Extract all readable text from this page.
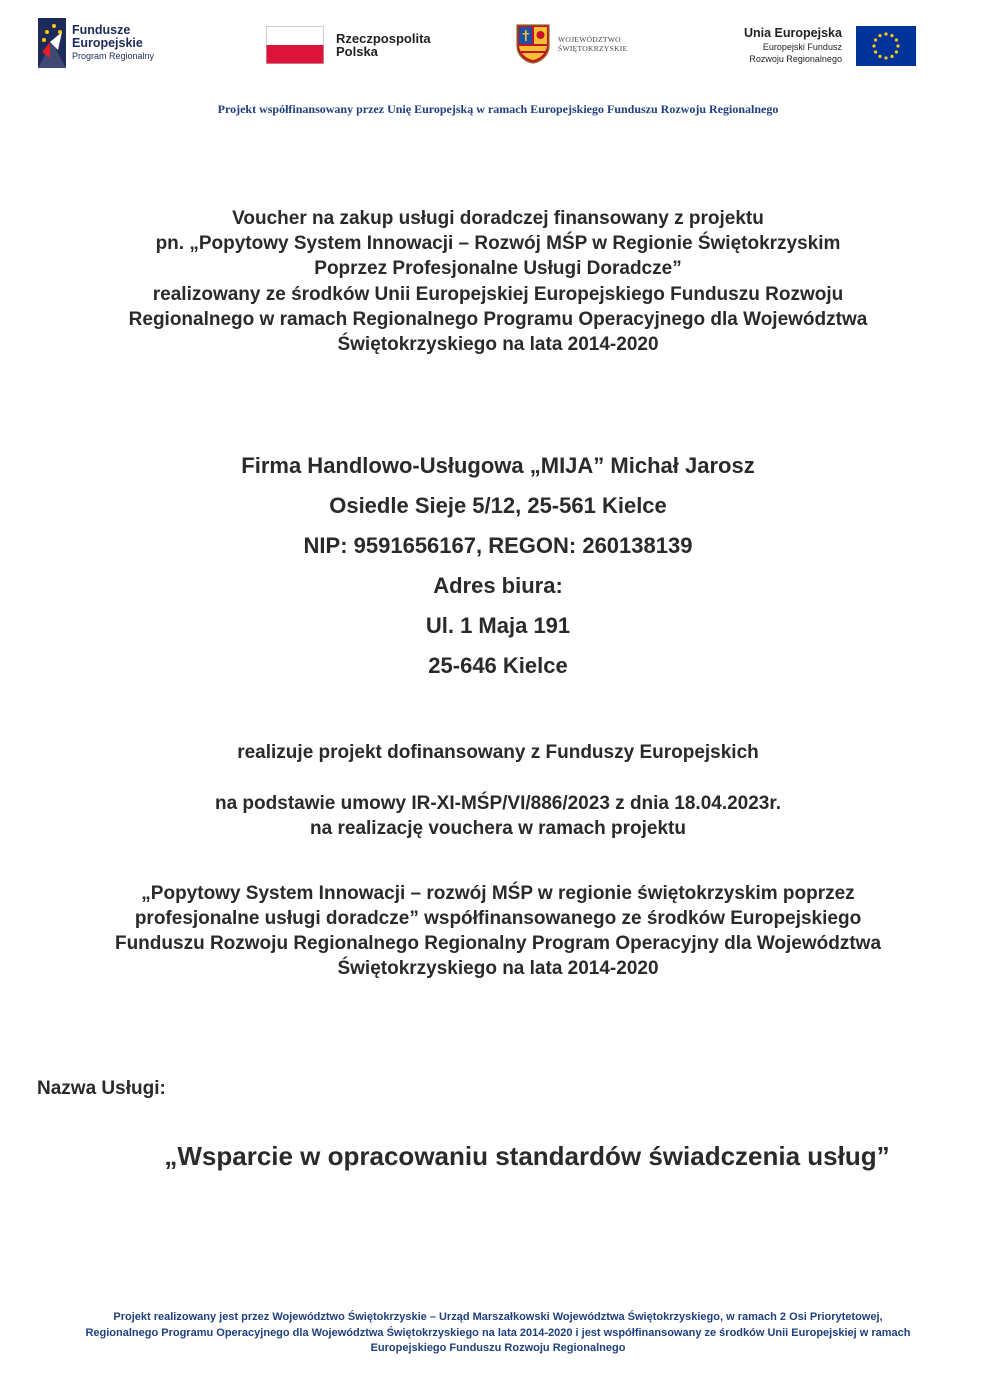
Fundusze
Europejskie
Program Regionalny
Rzeczpospolita
Polska
WOJEWÓDZTWO
ŚWIĘTOKRZYSKIE
Unia Europejska
Europejski Fundusz
Rozwoju Regionalnego
Projekt współfinansowany przez Unię Europejską w ramach Europejskiego Funduszu Rozwoju Regionalnego
Voucher na zakup usługi doradczej finansowany z projektu
pn. „Popytowy System Innowacji – Rozwój MŚP w Regionie Świętokrzyskim
Poprzez Profesjonalne Usługi Doradcze”
realizowany ze środków Unii Europejskiej Europejskiego Funduszu Rozwoju
Regionalnego w ramach Regionalnego Programu Operacyjnego dla Województwa
Świętokrzyskiego na lata 2014-2020
Firma Handlowo-Usługowa „MIJA” Michał Jarosz
Osiedle Sieje 5/12, 25-561 Kielce
NIP: 9591656167, REGON: 260138139
Adres biura:
Ul. 1 Maja 191
25-646 Kielce
realizuje projekt dofinansowany z Funduszy Europejskich
na podstawie umowy IR-XI-MŚP/VI/886/2023 z dnia 18.04.2023r.
na realizację vouchera w ramach projektu
„Popytowy System Innowacji – rozwój MŚP w regionie świętokrzyskim poprzez
profesjonalne usługi doradcze” współfinansowanego ze środków Europejskiego
Funduszu Rozwoju Regionalnego Regionalny Program Operacyjny dla Województwa
Świętokrzyskiego na lata 2014-2020
Nazwa Usługi:
„Wsparcie w opracowaniu standardów świadczenia usług”
Projekt realizowany jest przez Województwo Świętokrzyskie – Urząd Marszałkowski Województwa Świętokrzyskiego, w ramach 2 Osi Priorytetowej,
Regionalnego Programu Operacyjnego dla Województwa Świętokrzyskiego na lata 2014-2020 i jest współfinansowany ze środków Unii Europejskiej w ramach
Europejskiego Funduszu Rozwoju Regionalnego
